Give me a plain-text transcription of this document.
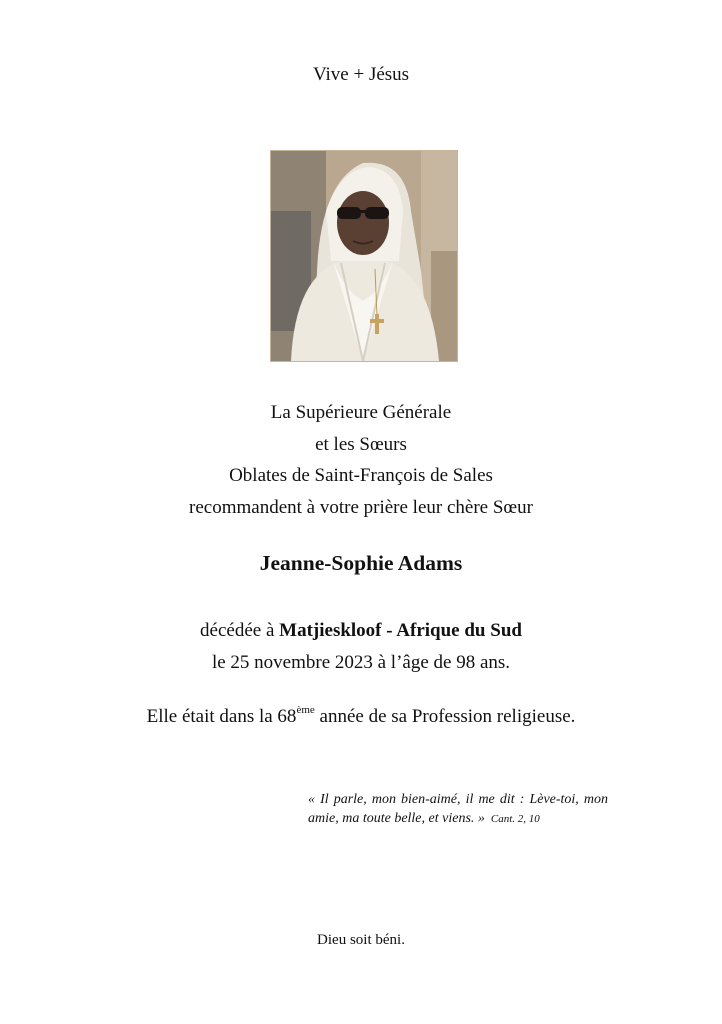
Vive + Jésus
La Supérieure Générale
et les Sœurs
Oblates de Saint-François de Sales
recommandent à votre prière leur chère Sœur
Jeanne-Sophie Adams
décédée à Matjieskloof - Afrique du Sud
le 25 novembre 2023 à l’âge de 98 ans.
Elle était dans la 68ème année de sa Profession religieuse.
« Il parle, mon bien-aimé, il me dit : Lève-toi, mon amie, ma toute belle, et viens. » Cant. 2, 10
Dieu soit béni.
